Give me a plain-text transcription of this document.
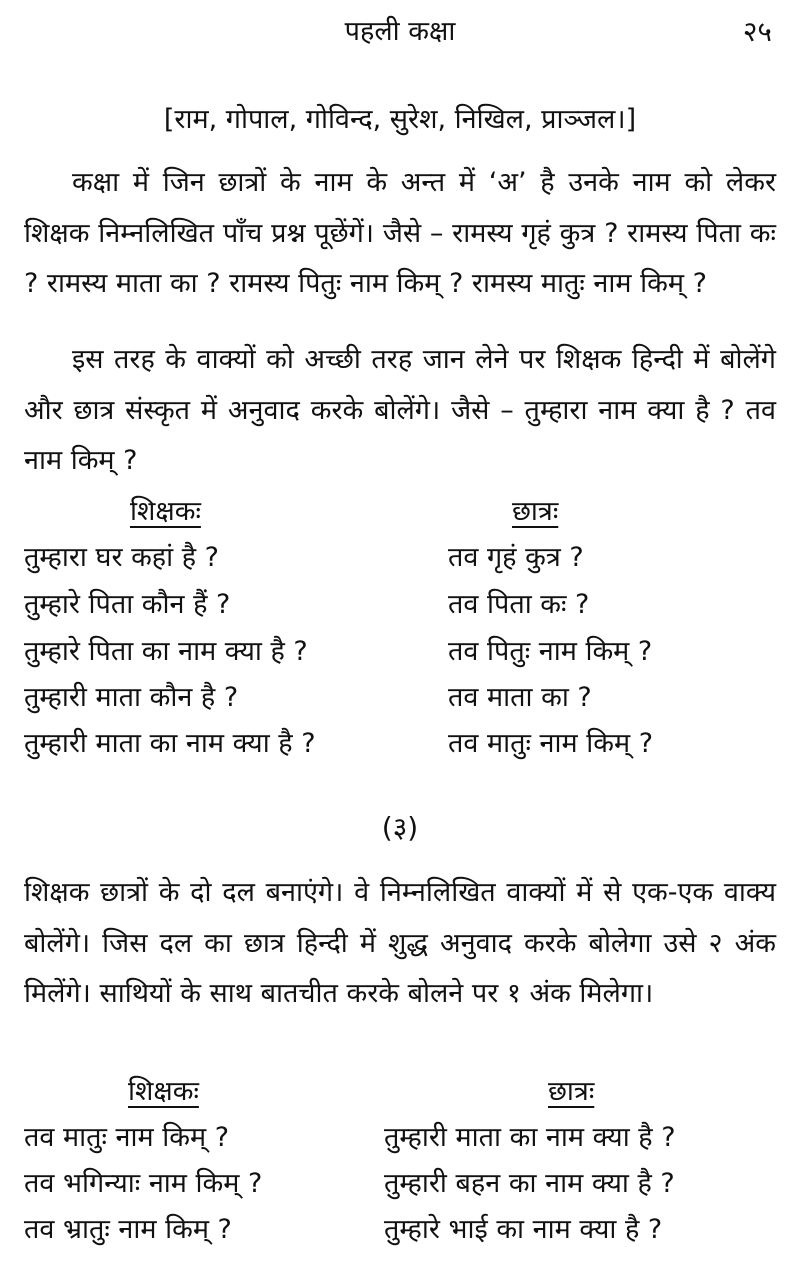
पहली कक्षा	२५
[राम, गोपाल, गोविन्द, सुरेश, निखिल, प्राञ्जल।]
कक्षा में जिन छात्रों के नाम के अन्त में ‘अ’ है उनके नाम को लेकर शिक्षक निम्नलिखित पाँच प्रश्न पूछेंगें। जैसे – रामस्य गृहं कुत्र ? रामस्य पिता कः ? रामस्य माता का ? रामस्य पितुः नाम किम् ? रामस्य मातुः नाम किम् ?
इस तरह के वाक्यों को अच्छी तरह जान लेने पर शिक्षक हिन्दी में बोलेंगे और छात्र संस्कृत में अनुवाद करके बोलेंगे। जैसे – तुम्हारा नाम क्या है ? तव नाम किम् ?
शिक्षकः	छात्रः
तुम्हारा घर कहां है ?	तव गृहं कुत्र ?
तुम्हारे पिता कौन हैं ?	तव पिता कः ?
तुम्हारे पिता का नाम क्या है ?	तव पितुः नाम किम् ?
तुम्हारी माता कौन है ?	तव माता का ?
तुम्हारी माता का नाम क्या है ?	तव मातुः नाम किम् ?
(३)
शिक्षक छात्रों के दो दल बनाएंगे। वे निम्नलिखित वाक्यों में से एक-एक वाक्य बोलेंगे। जिस दल का छात्र हिन्दी में शुद्ध अनुवाद करके बोलेगा उसे २ अंक मिलेंगे। साथियों के साथ बातचीत करके बोलने पर १ अंक मिलेगा।
शिक्षकः	छात्रः
तव मातुः नाम किम् ?	तुम्हारी माता का नाम क्या है ?
तव भगिन्याः नाम किम् ?	तुम्हारी बहन का नाम क्या है ?
तव भ्रातुः नाम किम् ?	तुम्हारे भाई का नाम क्या है ?
